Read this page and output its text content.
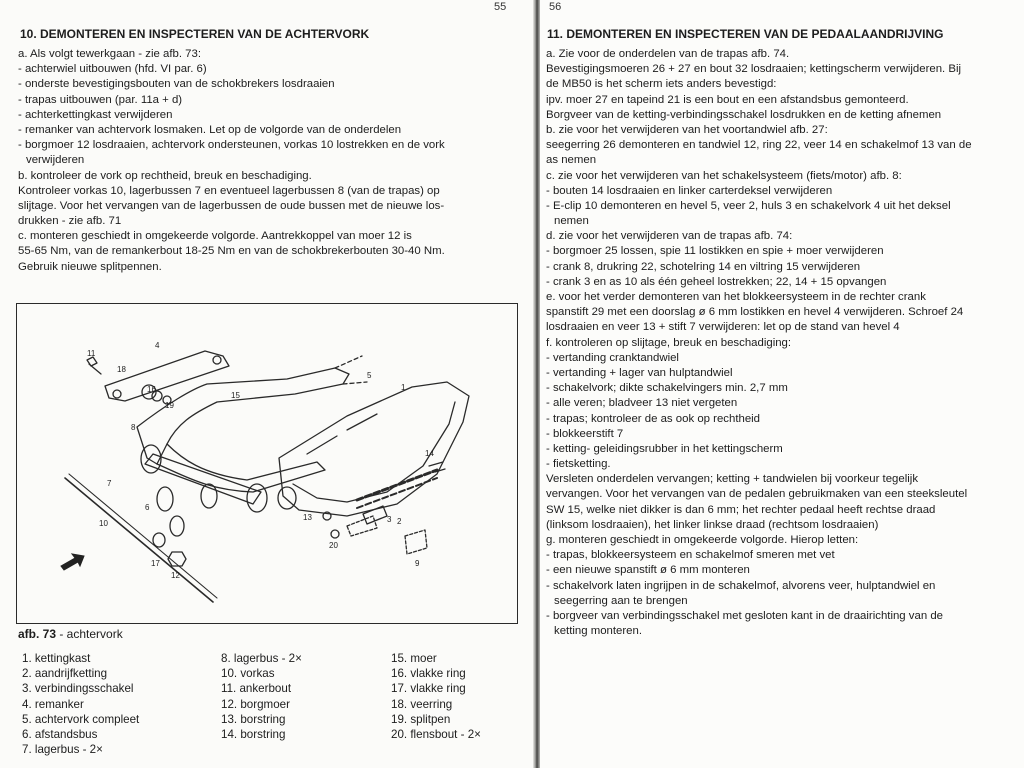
55
10. DEMONTEREN EN INSPECTEREN VAN DE ACHTERVORK
a. Als volgt tewerkgaan - zie afb. 73:
- achterwiel uitbouwen (hfd. VI par. 6)
- onderste bevestigingsbouten van de schokbrekers losdraaien
- trapas uitbouwen (par. 11a + d)
- achterkettingkast verwijderen
- remanker van achtervork losmaken. Let op de volgorde van de onderdelen
- borgmoer 12 losdraaien, achtervork ondersteunen, vorkas 10 lostrekken en de vork
verwijderen
b. kontroleer de vork op rechtheid, breuk en beschadiging.
Kontroleer vorkas 10, lagerbussen 7 en eventueel lagerbussen 8 (van de trapas) op
slijtage. Voor het vervangen van de lagerbussen de oude bussen met de nieuwe los-
drukken - zie afb. 71
c. monteren geschiedt in omgekeerde volgorde. Aantrekkoppel van moer 12 is
55-65 Nm, van de remankerbout 18-25 Nm en van de schokbrekerbouten 30-40 Nm.
Gebruik nieuwe splitpennen.
1
2
3
4
5
6
7
8
9
10
11
12
13
14
15
16
17
18
19
20
afb. 73 - achtervork
1. kettingkast
2. aandrijfketting
3. verbindingsschakel
4. remanker
5. achtervork compleet
6. afstandsbus
7. lagerbus - 2×
8. lagerbus - 2×
10. vorkas
11. ankerbout
12. borgmoer
13. borstring
14. borstring
15. moer
16. vlakke ring
17. vlakke ring
18. veerring
19. splitpen
20. flensbout - 2×
56
11. DEMONTEREN EN INSPECTEREN VAN DE PEDAALAANDRIJVING
a. Zie voor de onderdelen van de trapas afb. 74.
Bevestigingsmoeren 26 + 27 en bout 32 losdraaien; kettingscherm verwijderen. Bij
de MB50 is het scherm iets anders bevestigd:
ipv. moer 27 en tapeind 21 is een bout en een afstandsbus gemonteerd.
Borgveer van de ketting-verbindingsschakel losdrukken en de ketting afnemen
b. zie voor het verwijderen van het voortandwiel afb. 27:
seegerring 26 demonteren en tandwiel 12, ring 22, veer 14 en schakelmof 13 van de
as nemen
c. zie voor het verwijderen van het schakelsysteem (fiets/motor) afb. 8:
- bouten 14 losdraaien en linker carterdeksel verwijderen
- E-clip 10 demonteren en hevel 5, veer 2, huls 3 en schakelvork 4 uit het deksel
nemen
d. zie voor het verwijderen van de trapas afb. 74:
- borgmoer 25 lossen, spie 11 lostikken en spie + moer verwijderen
- crank 8, drukring 22, schotelring 14 en viltring 15 verwijderen
- crank 3 en as 10 als één geheel lostrekken; 22, 14 + 15 opvangen
e. voor het verder demonteren van het blokkeersysteem in de rechter crank
spanstift 29 met een doorslag ø 6 mm lostikken en hevel 4 verwijderen. Schroef 24
losdraaien en veer 13 + stift 7 verwijderen: let op de stand van hevel 4
f. kontroleren op slijtage, breuk en beschadiging:
- vertanding cranktandwiel
- vertanding + lager van hulptandwiel
- schakelvork; dikte schakelvingers min. 2,7 mm
- alle veren; bladveer 13 niet vergeten
- trapas; kontroleer de as ook op rechtheid
- blokkeerstift 7
- ketting- geleidingsrubber in het kettingscherm
- fietsketting.
Versleten onderdelen vervangen; ketting + tandwielen bij voorkeur tegelijk
vervangen. Voor het vervangen van de pedalen gebruikmaken van een steeksleutel
SW 15, welke niet dikker is dan 6 mm; het rechter pedaal heeft rechtse draad
(linksom losdraaien), het linker linkse draad (rechtsom losdraaien)
g. monteren geschiedt in omgekeerde volgorde. Hierop letten:
- trapas, blokkeersysteem en schakelmof smeren met vet
- een nieuwe spanstift ø 6 mm monteren
- schakelvork laten ingrijpen in de schakelmof, alvorens veer, hulptandwiel en
seegerring aan te brengen
- borgveer van verbindingsschakel met gesloten kant in de draairichting van de
ketting monteren.
